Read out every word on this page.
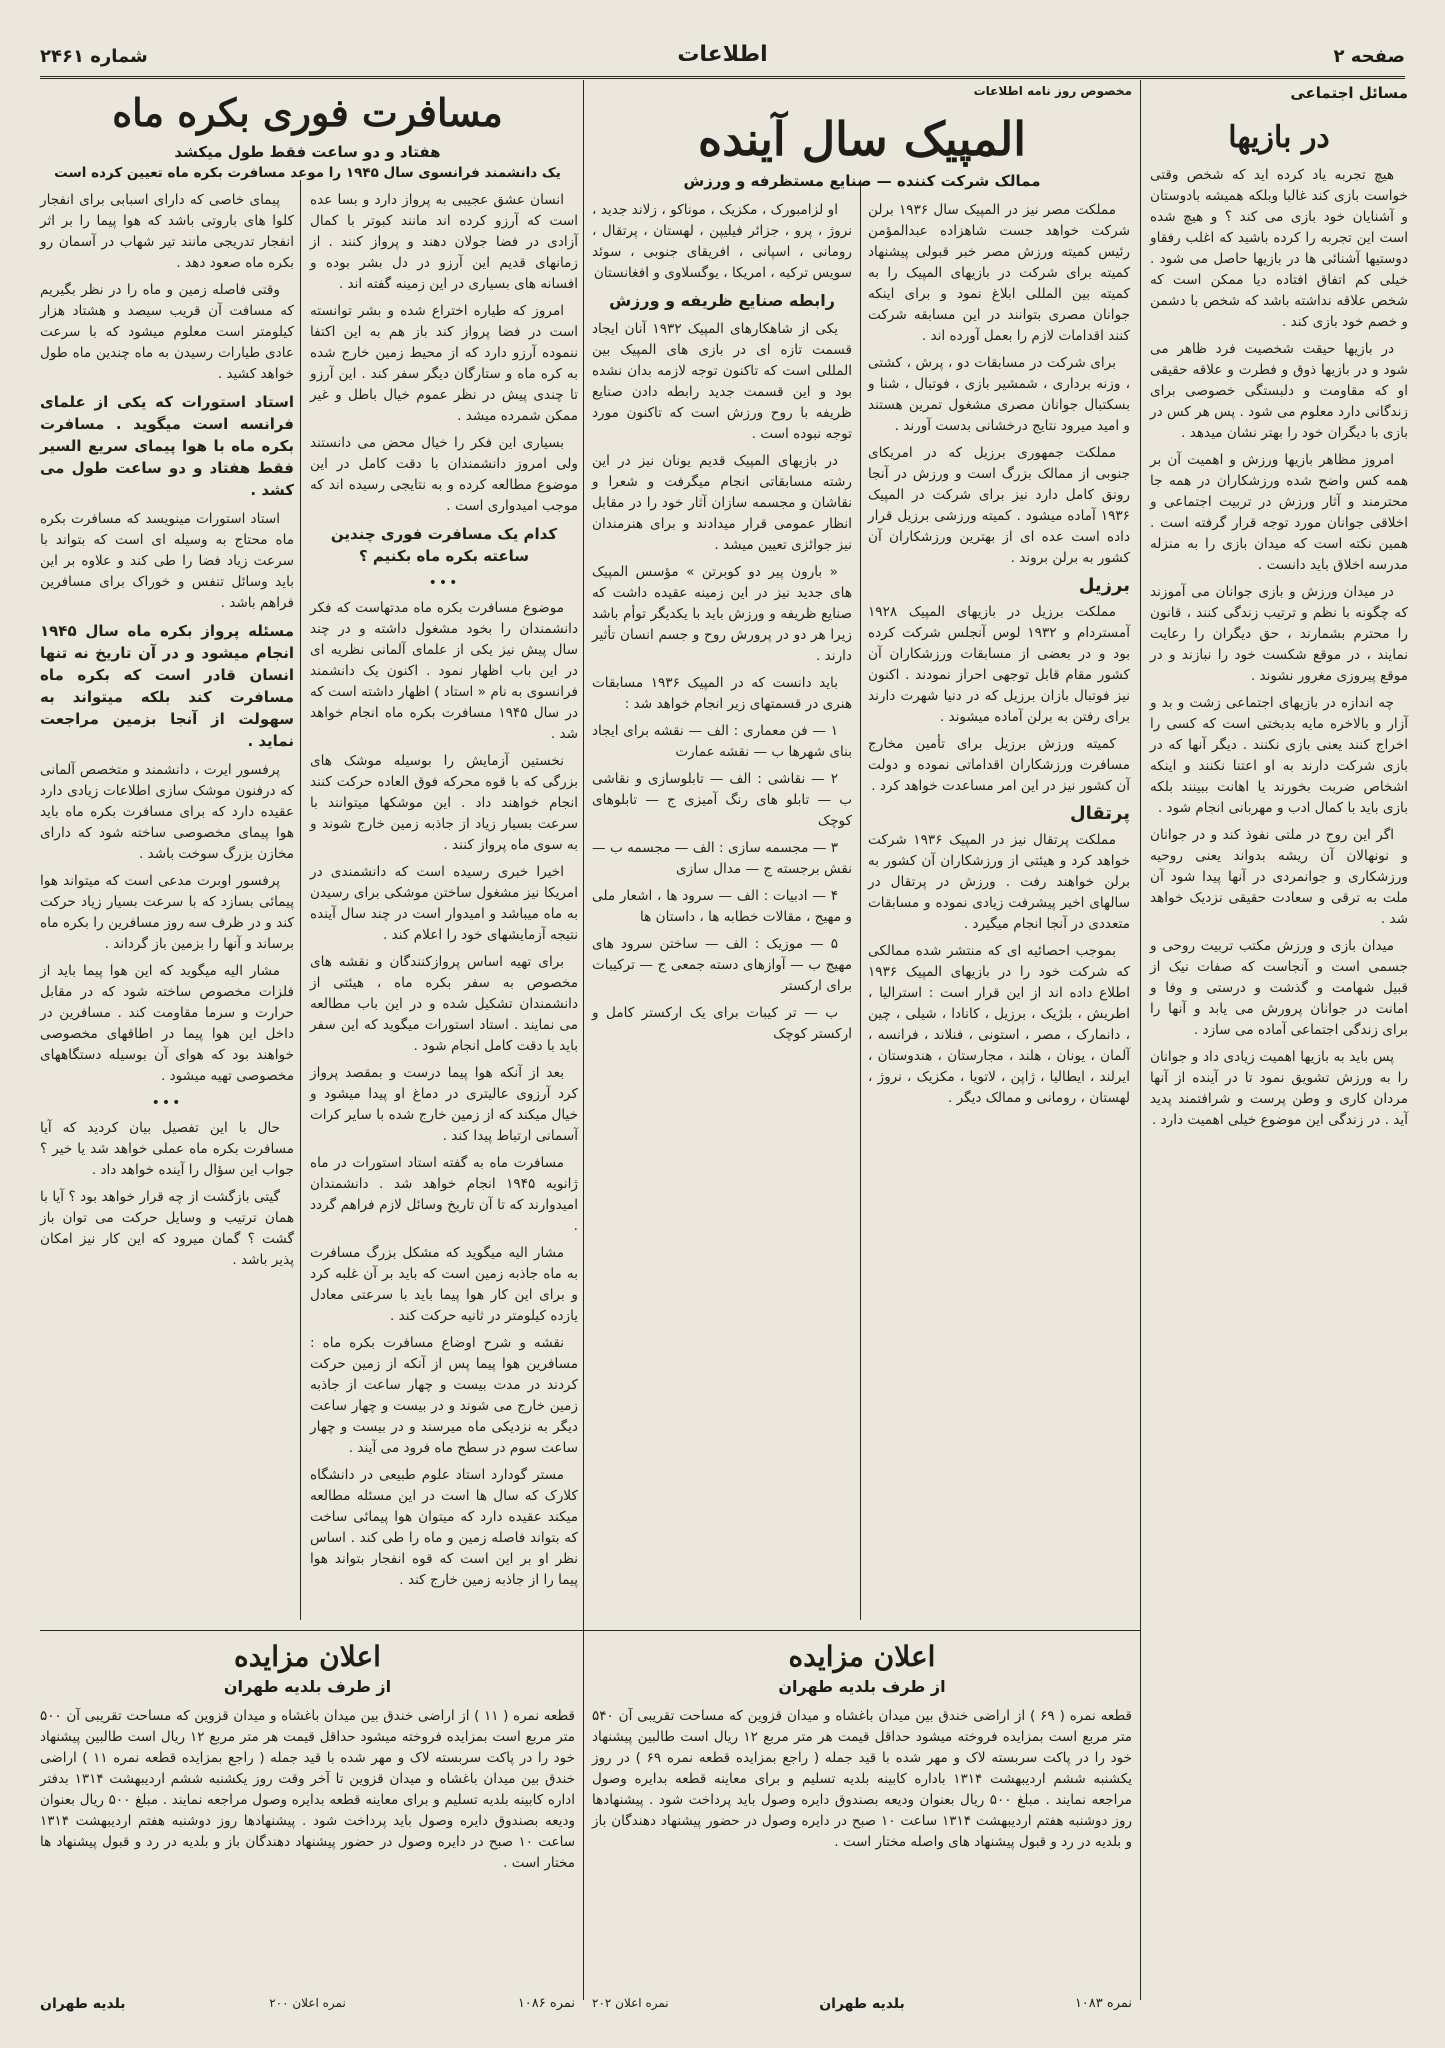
شماره ۲۴۶۱	اطلاعات	صفحه ۲
مسائل اجتماعی
در بازیها

هیچ تجربه یاد کرده اید که شخص وقتی خواست بازی کند غالبا وبلکه همیشه بادوستان و آشنایان خود بازی می کند ؟ و هیچ شده است این تجربه را کرده باشید که اغلب رفقاو دوستیها آشنائی ها در بازیها حاصل می شود . خیلی کم اتفاق افتاده دیا ممکن است که شخص علاقه نداشته باشد که شخص با دشمن و خصم خود بازی کند .

در بازیها حیقت شخصیت فرد ظاهر می شود و در بازیها ذوق و فطرت و علاقه حقیقی او که مقاومت و دلبستگی خصوصی برای زندگانی دارد معلوم می شود . پس هر کس در بازی با دیگران خود را بهتر نشان میدهد .

امروز مظاهر بازیها ورزش و اهمیت آن بر همه کس واضح شده ورزشکاران در همه جا محترمند و آثار ورزش در تربیت اجتماعی و اخلاقی جوانان مورد توجه قرار گرفته است . همین نکته است که میدان بازی را به منزله مدرسه اخلاق باید دانست .

در میدان ورزش و بازی جوانان می آموزند که چگونه با نظم و ترتیب زندگی کنند ، قانون را محترم بشمارند ، حق دیگران را رعایت نمایند ، در موقع شکست خود را نبازند و در موقع پیروزی مغرور نشوند .

چه اندازه در بازیهای اجتماعی زشت و بد و آزار و بالاخره مایه بدبختی است که کسی را اخراج کنند یعنی بازی نکنند . دیگر آنها که در بازی شرکت دارند به او اعتنا نکنند و اینکه اشخاص ضربت بخورند یا اهانت ببینند بلکه بازی باید با کمال ادب و مهربانی انجام شود .

اگر این روح در ملتی نفوذ کند و در جوانان و نونهالان آن ریشه بدواند یعنی روحیه ورزشکاری و جوانمردی در آنها پیدا شود آن ملت به ترقی و سعادت حقیقی نزدیک خواهد شد .

میدان بازی و ورزش مکتب تربیت روحی و جسمی است و آنجاست که صفات نیک از قبیل شهامت و گذشت و درستی و وفا و امانت در جوانان پرورش می یابد و آنها را برای زندگی اجتماعی آماده می سازد .

پس باید به بازیها اهمیت زیادی داد و جوانان را به ورزش تشویق نمود تا در آینده از آنها مردان کاری و وطن پرست و شرافتمند پدید آید . در زندگی این موضوع خیلی اهمیت دارد .

مخصوص روز نامه اطلاعات
المپیک سال آینده
ممالک شرکت کننده — صنایع مستظرفه و ورزش

مملکت مصر نیز در المپیک سال ۱۹۳۶ برلن شرکت خواهد جست شاهزاده عبدالمؤمن رئیس کمیته ورزش مصر خبر قبولی پیشنهاد کمیته برای شرکت در بازیهای المپیک را به کمیته بین المللی ابلاغ نمود و برای اینکه جوانان مصری بتوانند در این مسابقه شرکت کنند اقدامات لازم را بعمل آورده اند .

برای شرکت در مسابقات دو ، پرش ، کشتی ، وزنه برداری ، شمشیر بازی ، فوتبال ، شنا و بسکتبال جوانان مصری مشغول تمرین هستند و امید میرود نتایج درخشانی بدست آورند .

مملکت جمهوری برزیل که در امریکای جنوبی از ممالک بزرگ است و ورزش در آنجا رونق کامل دارد نیز برای شرکت در المپیک ۱۹۳۶ آماده میشود . کمیته ورزشی برزیل قرار داده است عده ای از بهترین ورزشکاران آن کشور به برلن بروند .

برزیل

مملکت برزیل در بازیهای المپیک ۱۹۲۸ آمستردام و ۱۹۳۲ لوس آنجلس شرکت کرده بود و در بعضی از مسابقات ورزشکاران آن کشور مقام قابل توجهی احراز نمودند . اکنون نیز فوتبال بازان برزیل که در دنیا شهرت دارند برای رفتن به برلن آماده میشوند .

کمیته ورزش برزیل برای تأمین مخارج مسافرت ورزشکاران اقداماتی نموده و دولت آن کشور نیز در این امر مساعدت خواهد کرد .

پرتقال

مملکت پرتقال نیز در المپیک ۱۹۳۶ شرکت خواهد کرد و هیئتی از ورزشکاران آن کشور به برلن خواهند رفت . ورزش در پرتقال در سالهای اخیر پیشرفت زیادی نموده و مسابقات متعددی در آنجا انجام میگیرد .

بموجب احصائیه ای که منتشر شده ممالکی که شرکت خود را در بازیهای المپیک ۱۹۳۶ اطلاع داده اند از این قرار است : استرالیا ، اطریش ، بلژیک ، برزیل ، کانادا ، شیلی ، چین ، دانمارک ، مصر ، استونی ، فنلاند ، فرانسه ، آلمان ، یونان ، هلند ، مجارستان ، هندوستان ، ایرلند ، ایطالیا ، ژاپن ، لاتویا ، مکزیک ، نروژ ، لهستان ، رومانی و ممالک دیگر .

او لزامبورک ، مکزیک ، موناکو ، زلاند جدید ، نروژ ، پرو ، جزائر فیلیپن ، لهستان ، پرتقال ، رومانی ، اسپانی ، افریقای جنوبی ، سوئد سویس ترکیه ، امریکا ، یوگسلاوی و افغانستان

رابطه صنایع ظریفه و ورزش

یکی از شاهکارهای المپیک ۱۹۳۲ آنان ایجاد قسمت تازه ای در بازی های المپیک بین المللی است که تاکنون توجه لازمه بدان نشده بود و این قسمت جدید رابطه دادن صنایع ظریفه با روح ورزش است که تاکنون مورد توجه نبوده است .

در بازیهای المپیک قدیم یونان نیز در این رشته مسابقاتی انجام میگرفت و شعرا و نقاشان و مجسمه سازان آثار خود را در مقابل انظار عمومی قرار میدادند و برای هنرمندان نیز جوائزی تعیین میشد .

« بارون پیر دو کوبرتن » مؤسس المپیک های جدید نیز در این زمینه عقیده داشت که صنایع ظریفه و ورزش باید با یکدیگر توأم باشد زیرا هر دو در پرورش روح و جسم انسان تأثیر دارند .

باید دانست که در المپیک ۱۹۳۶ مسابقات هنری در قسمتهای زیر انجام خواهد شد :

۱ — فن معماری : الف — نقشه برای ایجاد بنای شهرها ب — نقشه عمارت

۲ — نقاشی : الف — تابلوسازی و نقاشی ب — تابلو های رنگ آمیزی ج — تابلوهای کوچک

۳ — مجسمه سازی : الف — مجسمه ب — نقش برجسته ج — مدال سازی

۴ — ادبیات : الف — سرود ها ، اشعار ملی و مهیج ، مقالات خطابه ها ، داستان ها

۵ — موزیک : الف — ساختن سرود های مهیج ب — آوازهای دسته جمعی ج — ترکیبات برای ارکستر

ب — تر کیبات برای یک ارکستر کامل و ارکستر کوچک

مسافرت فوری بکره ماه
هفتاد و دو ساعت فقط طول میکشد
یک دانشمند فرانسوی سال ۱۹۴۵ را موعد مسافرت بکره ماه تعیین کرده است

انسان عشق عجیبی به پرواز دارد و بسا عده است که آرزو کرده اند مانند کبوتر با کمال آزادی در فضا جولان دهند و پرواز کنند . از زمانهای قدیم این آرزو در دل بشر بوده و افسانه های بسیاری در این زمینه گفته اند .

امروز که طیاره اختراع شده و بشر توانسته است در فضا پرواز کند باز هم به این اکتفا ننموده آرزو دارد که از محیط زمین خارج شده به کره ماه و ستارگان دیگر سفر کند . این آرزو تا چندی پیش در نظر عموم خیال باطل و غیر ممکن شمرده میشد .

بسیاری این فکر را خیال محض می دانستند ولی امروز دانشمندان با دقت کامل در این موضوع مطالعه کرده و به نتایجی رسیده اند که موجب امیدواری است .

کدام یک مسافرت فوری چندین ساعته بکره ماه بکنیم ؟
•••

موضوع مسافرت بکره ماه مدتهاست که فکر دانشمندان را بخود مشغول داشته و در چند سال پیش نیز یکی از علمای آلمانی نظریه ای در این باب اظهار نمود . اکنون یک دانشمند فرانسوی به نام « استاد ) اظهار داشته است که در سال ۱۹۴۵ مسافرت بکره ماه انجام خواهد شد .

نخستین آزمایش را بوسیله موشک های بزرگی که با قوه محرکه فوق العاده حرکت کنند انجام خواهند داد . این موشکها میتوانند با سرعت بسیار زیاد از جاذبه زمین خارج شوند و به سوی ماه پرواز کنند .

اخیرا خبری رسیده است که دانشمندی در امریکا نیز مشغول ساختن موشکی برای رسیدن به ماه میباشد و امیدوار است در چند سال آینده نتیجه آزمایشهای خود را اعلام کند .

برای تهیه اساس پروازکنندگان و نقشه های مخصوص به سفر بکره ماه ، هیئتی از دانشمندان تشکیل شده و در این باب مطالعه می نمایند . استاد استورات میگوید که این سفر باید با دقت کامل انجام شود .

بعد از آنکه هوا پیما درست و بمقصد پرواز کرد آرزوی عالیتری در دماغ او پیدا میشود و خیال میکند که از زمین خارج شده با سایر کرات آسمانی ارتباط پیدا کند .

مسافرت ماه به گفته استاد استورات در ماه ژانویه ۱۹۴۵ انجام خواهد شد . دانشمندان امیدوارند که تا آن تاریخ وسائل لازم فراهم گردد .

مشار الیه میگوید که مشکل بزرگ مسافرت به ماه جاذبه زمین است که باید بر آن غلبه کرد و برای این کار هوا پیما باید با سرعتی معادل یازده کیلومتر در ثانیه حرکت کند .

نقشه و شرح اوضاع مسافرت بکره ماه : مسافرین هوا پیما پس از آنکه از زمین حرکت کردند در مدت بیست و چهار ساعت از جاذبه زمین خارج می شوند و در بیست و چهار ساعت دیگر به نزدیکی ماه میرسند و در بیست و چهار ساعت سوم در سطح ماه فرود می آیند .

مستر گودارد استاد علوم طبیعی در دانشگاه کلارک که سال ها است در این مسئله مطالعه میکند عقیده دارد که میتوان هوا پیمائی ساخت که بتواند فاصله زمین و ماه را طی کند . اساس نظر او بر این است که قوه انفجار بتواند هوا پیما را از جاذبه زمین خارج کند .

پیمای خاصی که دارای اسبابی برای انفجار کلوا های باروتی باشد که هوا پیما را بر اثر انفجار تدریجی مانند تیر شهاب در آسمان رو بکره ماه صعود دهد .

وقتی فاصله زمین و ماه را در نظر بگیریم که مسافت آن قریب سیصد و هشتاد هزار کیلومتر است معلوم میشود که با سرعت عادی طیارات رسیدن به ماه چندین ماه طول خواهد کشید .

استاد استورات که یکی از علمای فرانسه است میگوید . مسافرت بکره ماه با هوا پیمای سریع السیر فقط هفتاد و دو ساعت طول می کشد .

استاد استورات مینویسد که مسافرت بکره ماه محتاج به وسیله ای است که بتواند با سرعت زیاد فضا را طی کند و علاوه بر این باید وسائل تنفس و خوراک برای مسافرین فراهم باشد .

مسئله پرواز بکره ماه سال ۱۹۴۵ انجام میشود و در آن تاریخ نه تنها انسان قادر است که بکره ماه مسافرت کند بلکه میتواند به سهولت از آنجا بزمین مراجعت نماید .

پرفسور ایرت ، دانشمند و متخصص آلمانی که درفنون موشک سازی اطلاعات زیادی دارد عقیده دارد که برای مسافرت بکره ماه باید هوا پیمای مخصوصی ساخته شود که دارای مخازن بزرگ سوخت باشد .

پرفسور اوبرت مدعی است که میتواند هوا پیمائی بسازد که با سرعت بسیار زیاد حرکت کند و در ظرف سه روز مسافرین را بکره ماه برساند و آنها را بزمین باز گرداند .

مشار الیه میگوید که این هوا پیما باید از فلزات مخصوص ساخته شود که در مقابل حرارت و سرما مقاومت کند . مسافرین در داخل این هوا پیما در اطاقهای مخصوصی خواهند بود که هوای آن بوسیله دستگاههای مخصوصی تهیه میشود .

•••

حال با این تفصیل بیان کردید که آیا مسافرت بکره ماه عملی خواهد شد یا خیر ؟ جواب این سؤال را آینده خواهد داد .

گیتی بازگشت از چه قرار خواهد بود ؟ آیا با همان ترتیب و وسایل حرکت می توان باز گشت ؟ گمان میرود که این کار نیز امکان پذیر باشد .

اعلان مزایده
از طرف بلدیه طهران
قطعه نمره ( ۱۱ ) از اراضی خندق بین میدان باغشاه و میدان قزوین که مساحت تقریبی آن ۵۰۰ متر مربع است بمزایده فروخته میشود حداقل قیمت هر متر مربع ۱۲ ریال است طالبین پیشنهاد خود را در پاکت سربسته لاک و مهر شده با قید جمله ( راجع بمزایده قطعه نمره ۱۱ ) اراضی خندق بین میدان باغشاه و میدان قزوین تا آخر وقت روز یکشنبه ششم اردیبهشت ۱۳۱۴ بدفتر اداره کابینه بلدیه تسلیم و برای معاینه قطعه بدایره وصول مراجعه نمایند . مبلغ ۵۰۰ ریال بعنوان ودیعه بصندوق دایره وصول باید پرداخت شود . پیشنهادها روز دوشنبه هفتم اردیبهشت ۱۳۱۴ ساعت ۱۰ صبح در دایره وصول در حضور پیشنهاد دهندگان باز و بلدیه در رد و قبول پیشنهاد ها مختار است .
بلدیه طهران	نمره اعلان ۲۰۰	نمره ۱۰۸۶
اعلان مزایده
از طرف بلدیه طهران
قطعه نمره ( ۶۹ ) از اراضی خندق بین میدان باغشاه و میدان قزوین که مساحت تقریبی آن ۵۴۰ متر مربع است بمزایده فروخته میشود حداقل قیمت هر متر مربع ۱۲ ریال است طالبین پیشنهاد خود را در پاکت سربسته لاک و مهر شده با قید جمله ( راجع بمزایده قطعه نمره ۶۹ ) در روز یکشنبه ششم اردیبهشت ۱۳۱۴ باداره کابینه بلدیه تسلیم و برای معاینه قطعه بدایره وصول مراجعه نمایند . مبلغ ۵۰۰ ریال بعنوان ودیعه بصندوق دایره وصول باید پرداخت شود . پیشنهادها روز دوشنبه هفتم اردیبهشت ۱۳۱۴ ساعت ۱۰ صبح در دایره وصول در حضور پیشنهاد دهندگان باز و بلدیه در رد و قبول پیشنهاد های واصله مختار است .
نمره اعلان ۲۰۲	بلدیه طهران	نمره ۱۰۸۳
